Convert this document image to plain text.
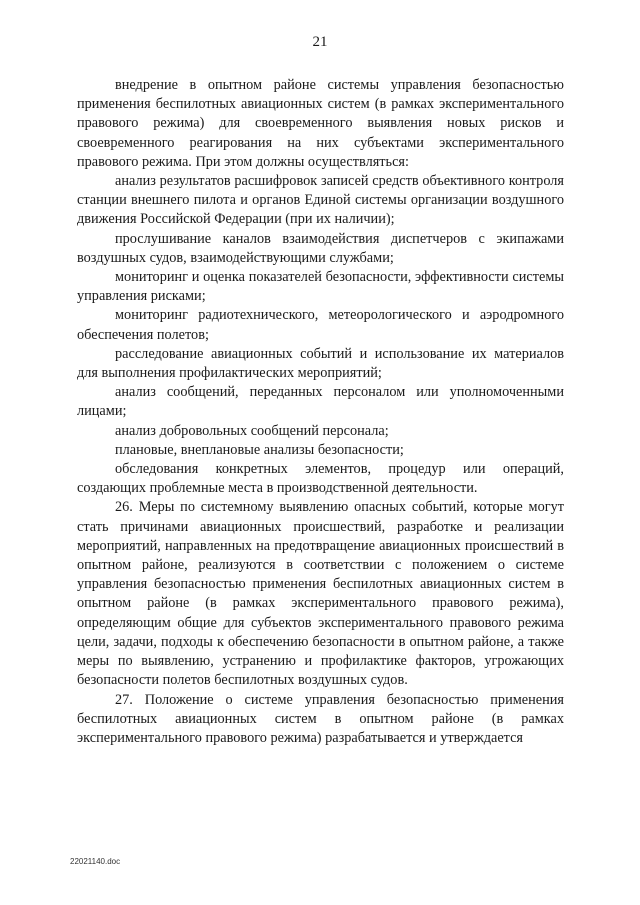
21

внедрение в опытном районе системы управления безопасностью применения беспилотных авиационных систем (в рамках экспериментального правового режима) для своевременного выявления новых рисков и своевременного реагирования на них субъектами экспериментального правового режима. При этом должны осуществляться:

анализ результатов расшифровок записей средств объективного контроля станции внешнего пилота и органов Единой системы организации воздушного движения Российской Федерации (при их наличии);

прослушивание каналов взаимодействия диспетчеров с экипажами воздушных судов, взаимодействующими службами;

мониторинг и оценка показателей безопасности, эффективности системы управления рисками;

мониторинг радиотехнического, метеорологического и аэродромного обеспечения полетов;

расследование авиационных событий и использование их материалов для выполнения профилактических мероприятий;

анализ сообщений, переданных персоналом или уполномоченными лицами;

анализ добровольных сообщений персонала;

плановые, внеплановые анализы безопасности;

обследования конкретных элементов, процедур или операций, создающих проблемные места в производственной деятельности.

26. Меры по системному выявлению опасных событий, которые могут стать причинами авиационных происшествий, разработке и реализации мероприятий, направленных на предотвращение авиационных происшествий в опытном районе, реализуются в соответствии с положением о системе управления безопасностью применения беспилотных авиационных систем в опытном районе (в рамках экспериментального правового режима), определяющим общие для субъектов экспериментального правового режима цели, задачи, подходы к обеспечению безопасности в опытном районе, а также меры по выявлению, устранению и профилактике факторов, угрожающих безопасности полетов беспилотных воздушных судов.

27. Положение о системе управления безопасностью применения беспилотных авиационных систем в опытном районе (в рамках экспериментального правового режима) разрабатывается и утверждается

22021140.doc
